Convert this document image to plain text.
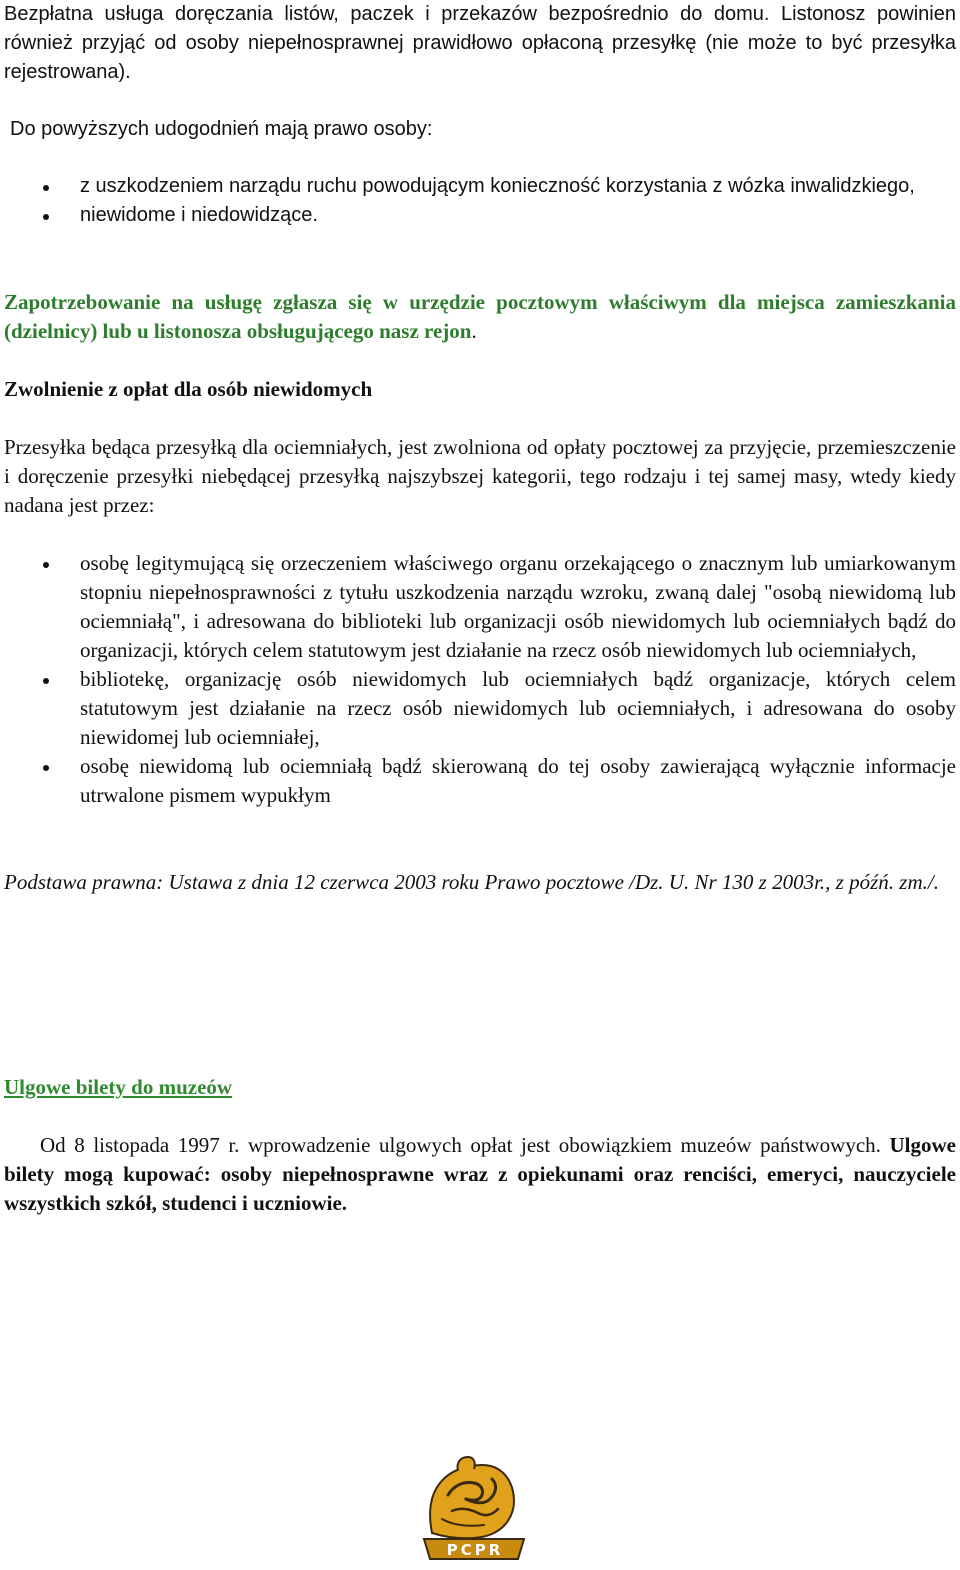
Bezpłatna usługa doręczania listów, paczek i przekazów bezpośrednio do domu. Listonosz powinien również przyjąć od osoby niepełnosprawnej prawidłowo opłaconą przesyłkę (nie może to być przesyłka rejestrowana).

Do powyższych udogodnień mają prawo osoby:

z uszkodzeniem narządu ruchu powodującym konieczność korzystania z wózka inwalidzkiego,
niewidome i niedowidzące.

Zapotrzebowanie na usługę zgłasza się w urzędzie pocztowym właściwym dla miejsca zamieszkania (dzielnicy) lub u listonosza obsługującego nasz rejon.

Zwolnienie z opłat dla osób niewidomych

Przesyłka będąca przesyłką dla ociemniałych, jest zwolniona od opłaty pocztowej za przyjęcie, przemieszczenie i doręczenie przesyłki niebędącej przesyłką najszybszej kategorii, tego rodzaju i tej samej masy, wtedy kiedy nadana jest przez:

osobę legitymującą się orzeczeniem właściwego organu orzekającego o znacznym lub umiarkowanym stopniu niepełnosprawności z tytułu uszkodzenia narządu wzroku, zwaną dalej "osobą niewidomą lub ociemniałą", i adresowana do biblioteki lub organizacji osób niewidomych lub ociemniałych bądź do organizacji, których celem statutowym jest działanie na rzecz osób niewidomych lub ociemniałych,
bibliotekę, organizację osób niewidomych lub ociemniałych bądź organizacje, których celem statutowym jest działanie na rzecz osób niewidomych lub ociemniałych, i adresowana do osoby niewidomej lub ociemniałej,
osobę niewidomą lub ociemniałą bądź skierowaną do tej osoby zawierającą wyłącznie informacje utrwalone pismem wypukłym

Podstawa prawna: Ustawa z dnia 12 czerwca 2003 roku Prawo pocztowe /Dz. U. Nr 130 z 2003r., z późń. zm./.

Ulgowe bilety do muzeów

Od 8 listopada 1997 r. wprowadzenie ulgowych opłat jest obowiązkiem muzeów państwowych. Ulgowe bilety mogą kupować: osoby niepełnosprawne wraz z opiekunami oraz renciści, emeryci, nauczyciele wszystkich szkół, studenci i uczniowie.

PCPR
